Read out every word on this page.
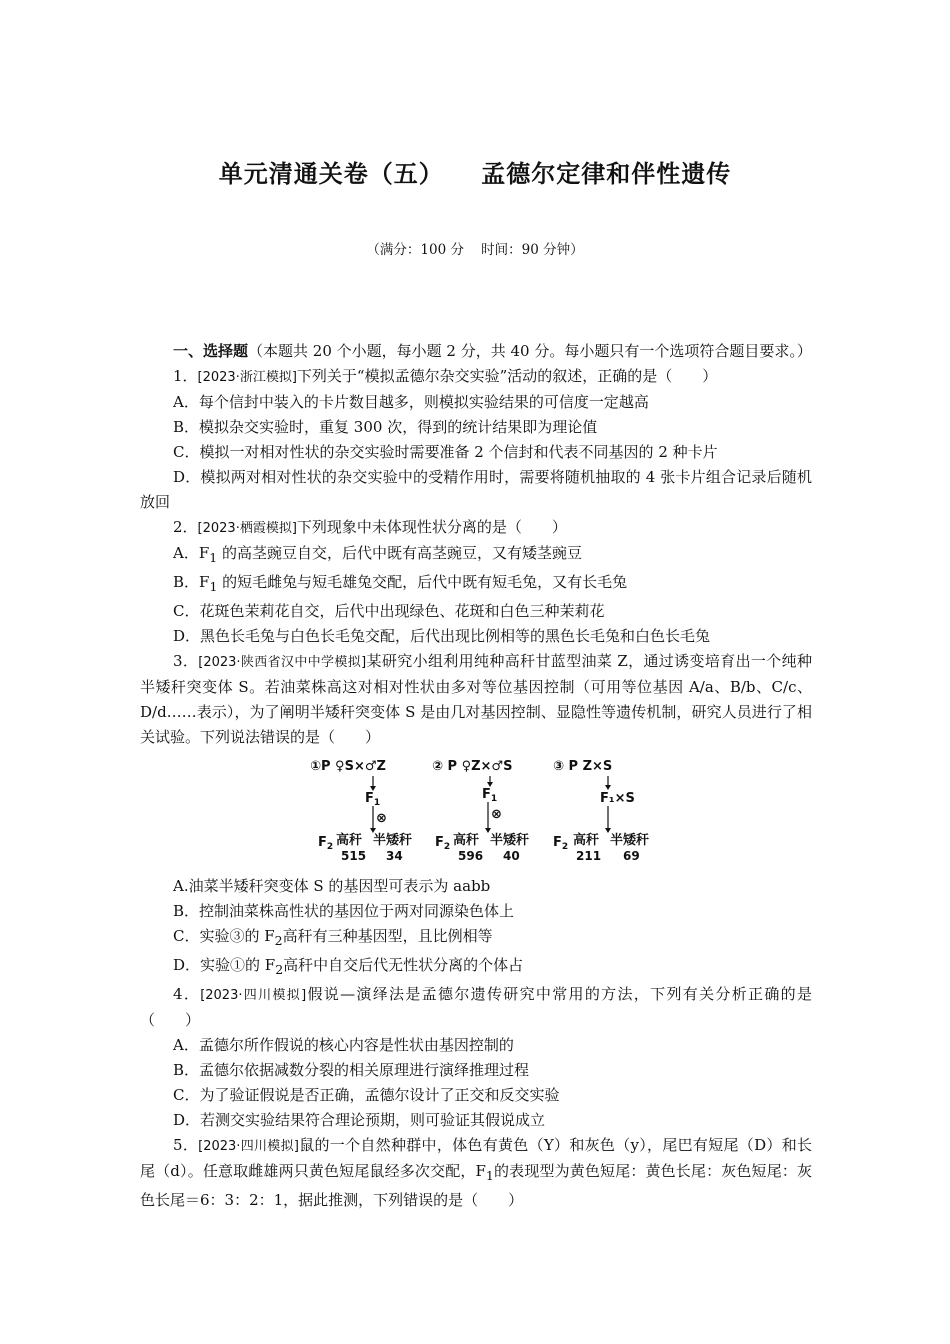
单元清通关卷（五）    孟德尔定律和伴性遗传
（满分：100 分    时间：90 分钟）

一、选择题（本题共 20 个小题，每小题 2 分，共 40 分。每小题只有一个选项符合题目要求。）

1．[2023·浙江模拟]下列关于“模拟孟德尔杂交实验”活动的叙述，正确的是（　　）

A．每个信封中装入的卡片数目越多，则模拟实验结果的可信度一定越高

B．模拟杂交实验时，重复 300 次，得到的统计结果即为理论值

C．模拟一对相对性状的杂交实验时需要准备 2 个信封和代表不同基因的 2 种卡片

D．模拟两对相对性状的杂交实验中的受精作用时，需要将随机抽取的 4 张卡片组合记录后随机放回

2．[2023·栖霞模拟]下列现象中未体现性状分离的是（　　）

A．$F_1$ 的高茎豌豆自交，后代中既有高茎豌豆，又有矮茎豌豆

B．$F_1$ 的短毛雌兔与短毛雄兔交配，后代中既有短毛兔，又有长毛兔

C．花斑色茉莉花自交，后代中出现绿色、花斑和白色三种茉莉花

D．黑色长毛兔与白色长毛兔交配，后代出现比例相等的黑色长毛兔和白色长毛兔

3．[2023·陕西省汉中中学模拟]某研究小组利用纯种高秆甘蓝型油菜 Z，通过诱变培育出一个纯种半矮秆突变体 S。若油菜株高这对相对性状由多对等位基因控制（可用等位基因 A/a、B/b、C/c、D/d……表示），为了阐明半矮秆突变体 S 是由几对基因控制、显隐性等遗传机制，研究人员进行了相关试验。下列说法错误的是（　　）

①P ♀S×♂Z
$F_1$
⊗
$F_2$ 高秆 半矮秆
515 34
② P ♀Z×♂S
$F_1$
⊗
$F_2$ 高秆 半矮秆
596 40
③ P Z×S
F₁×S
$F_2$ 高秆 半矮秆
211 69

A.油菜半矮秆突变体 S 的基因型可表示为 aabb

B．控制油菜株高性状的基因位于两对同源染色体上

C．实验③的 $F_2$高秆有三种基因型，且比例相等

D．实验①的 $F_2$高秆中自交后代无性状分离的个体占

4．[2023·四川模拟]假说—演绎法是孟德尔遗传研究中常用的方法，下列有关分析正确的是（　　）

A．孟德尔所作假说的核心内容是性状由基因控制的

B．孟德尔依据减数分裂的相关原理进行演绎推理过程

C．为了验证假说是否正确，孟德尔设计了正交和反交实验

D．若测交实验结果符合理论预期，则可验证其假说成立

5．[2023·四川模拟]鼠的一个自然种群中，体色有黄色（Y）和灰色（y），尾巴有短尾（D）和长尾（d）。任意取雌雄两只黄色短尾鼠经多次交配，$F_1$的表现型为黄色短尾：黄色长尾：灰色短尾：灰色长尾＝6：3：2：1，据此推测，下列错误的是（　　）
